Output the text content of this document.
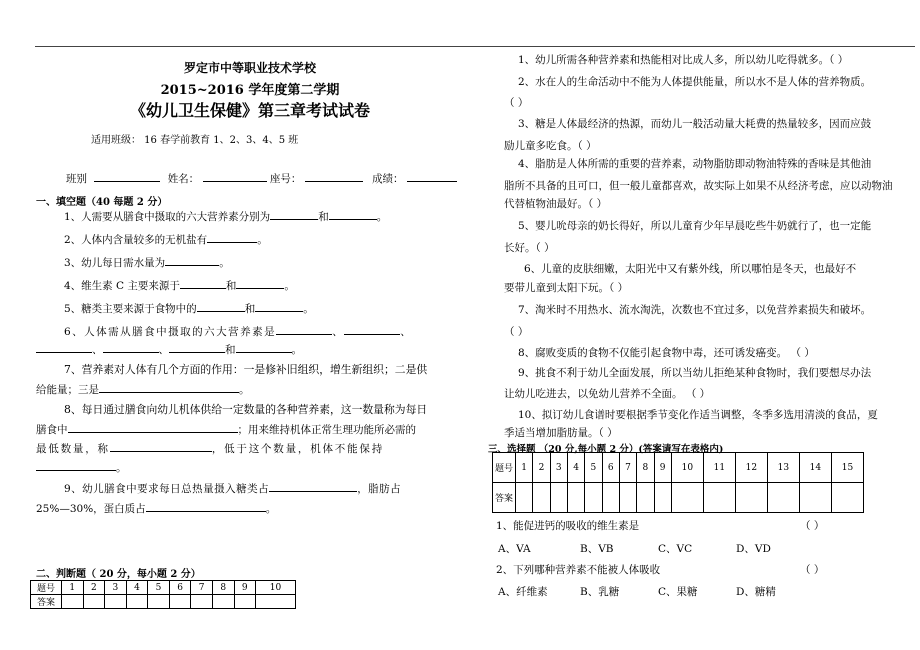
罗定市中等职业技术学校
2015~2016 学年度第二学期
《幼儿卫生保健》第三章考试试卷
适用班级： 16 春学前教育 1、2、3、4、5 班
班别	姓名：	座号：	成绩：
一、填空题（40 每题 2 分）
1、人需要从膳食中摄取的六大营养素分别为	和	。
2、人体内含量较多的无机盐有	。
3、幼儿每日需水量为	。
4、维生素 C 主要来源于	和	。
5、糖类主要来源于食物中的	和	。
6、人体需从膳食中摄取的六大营养素是	、	、
、	、	和	。
7、营养素对人体有几个方面的作用：一是修补旧组织，增生新组织；二是供
给能量；三是	。
8、每日通过膳食向幼儿机体供给一定数量的各种营养素，这一数量称为每日
膳食中	；用来维持机体正常生理功能所必需的
最低数量，称	，低于这个数量，机体不能保持
。
9、幼儿膳食中要求每日总热量摄入糖类占	，脂肪占
25%—30%，蛋白质占	。
二、判断题（ 20 分，每小题 2 分）
题号	1	2	3	4	5	6	7	8	9	10
答案										
1、幼儿所需各种营养素和热能相对比成人多，所以幼儿吃得就多。（ ）
2、水在人的生命活动中不能为人体提供能量，所以水不是人体的营养物质。
（ ）
3、糖是人体最经济的热源，而幼儿一般活动量大耗费的热量较多，因而应鼓
励儿童多吃食。（ ）
4、脂肪是人体所需的重要的营养素，动物脂肪即动物油特殊的香味是其他油
脂所不具备的且可口，但一般儿童都喜欢，故实际上如果不从经济考虑，应以动物油
代替植物油最好。（ ）
5、婴儿吮母亲的奶长得好，所以儿童育少年早晨吃些牛奶就行了，也一定能
长好。（ ）
6、儿童的皮肤细嫩，太阳光中又有紫外线，所以哪怕是冬天，也最好不
要带儿童到太阳下玩。（ ）
7、淘米时不用热水、流水淘洗，次数也不宜过多，以免营养素损失和破坏。
（ ）
8、腐败变质的食物不仅能引起食物中毒，还可诱发癌变。 （ ）
9、挑食不利于幼儿全面发展，所以当幼儿拒绝某种食物时，我们要想尽办法
让幼儿吃进去，以免幼儿营养不全面。 （ ）
10、拟订幼儿食谱时要根据季节变化作适当调整，冬季多选用清淡的食品，夏
季适当增加脂肪量。（ ）
三、选择题 （20 分,每小题 2 分）(答案请写在表格内)
题号	1	2	3	4	5	6	7	8	9	10	11	12	13	14	15
答案															
1、能促进钙的吸收的维生素是	（ ）
A、VA	B、VB	C、VC	D、VD
2、下列哪种营养素不能被人体吸收	（ ）
A、纤维素	B、乳糖	C、果糖	D、糖精
